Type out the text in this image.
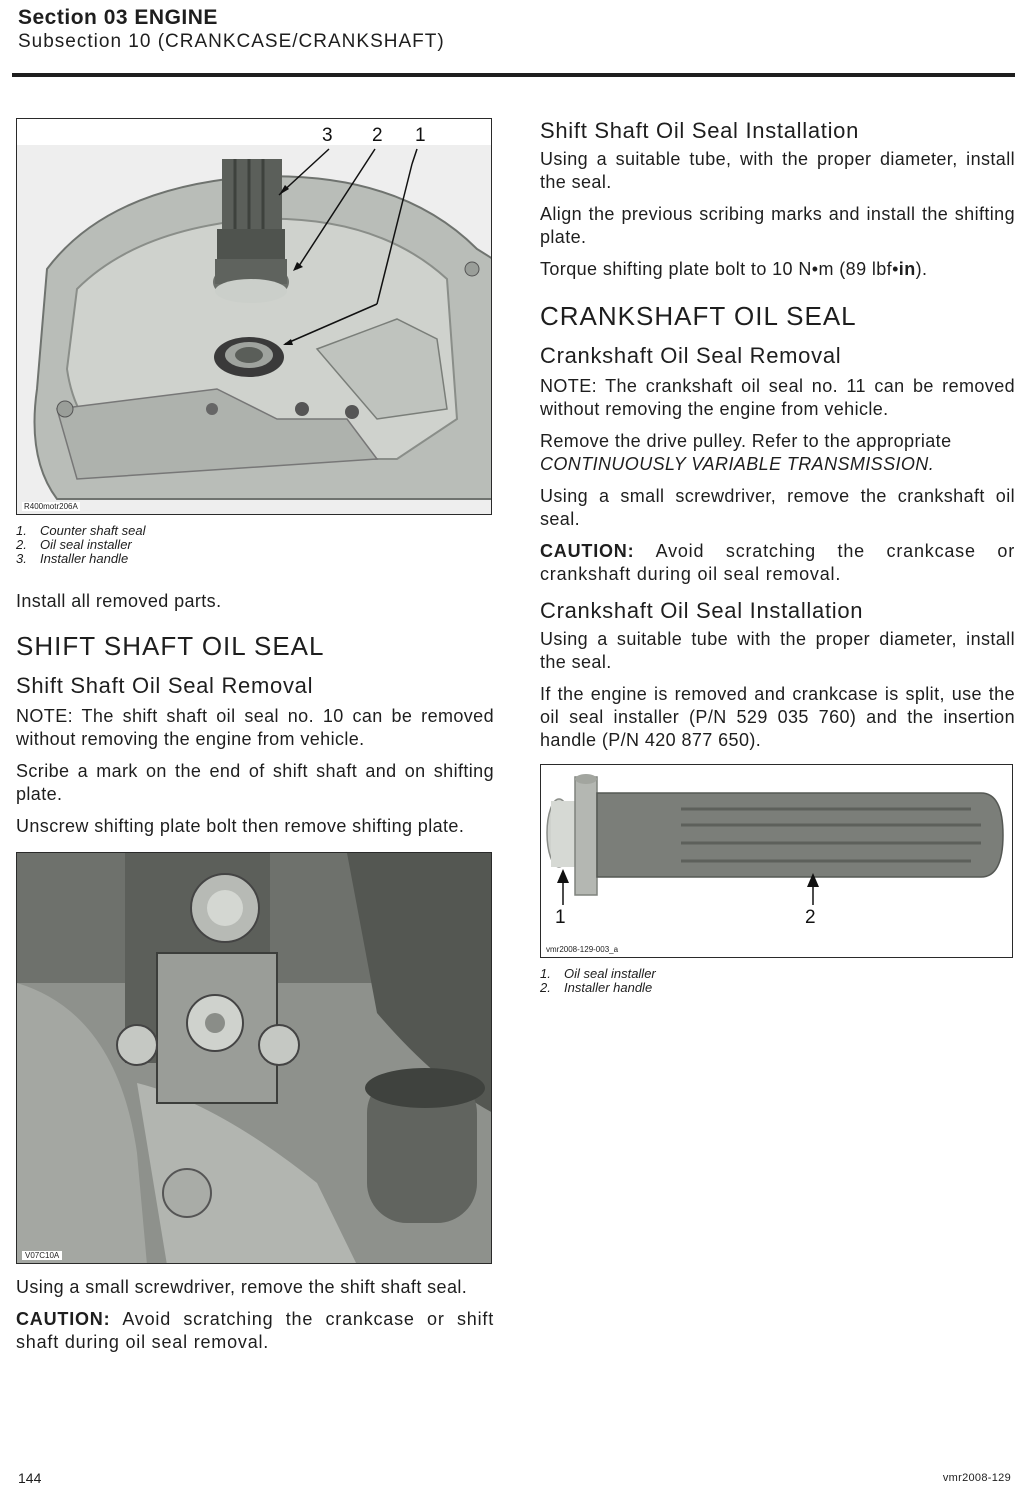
Section 03 ENGINE
Subsection 10 (CRANKCASE/CRANKSHAFT)
3 2 1
R400motr206A
1.	Counter shaft seal
2.	Oil seal installer
3.	Installer handle

Install all removed parts.

SHIFT SHAFT OIL SEAL
Shift Shaft Oil Seal Removal

NOTE: The shift shaft oil seal no. 10 can be removed without removing the engine from vehicle.

Scribe a mark on the end of shift shaft and on shifting plate.

Unscrew shifting plate bolt then remove shifting plate.

V07C10A

Using a small screwdriver, remove the shift shaft seal.

CAUTION: Avoid scratching the crankcase or shift shaft during oil seal removal.

Shift Shaft Oil Seal Installation

Using a suitable tube, with the proper diameter, install the seal.

Align the previous scribing marks and install the shifting plate.

Torque shifting plate bolt to 10 N•m (89 lbf•in).

CRANKSHAFT OIL SEAL
Crankshaft Oil Seal Removal

NOTE: The crankshaft oil seal no. 11 can be removed without removing the engine from vehicle.

Remove the drive pulley. Refer to the appropriate CONTINUOUSLY VARIABLE TRANSMISSION.

Using a small screwdriver, remove the crankshaft oil seal.

CAUTION: Avoid scratching the crankcase or crankshaft during oil seal removal.

Crankshaft Oil Seal Installation

Using a suitable tube with the proper diameter, install the seal.

If the engine is removed and crankcase is split, use the oil seal installer (P/N 529 035 760) and the insertion handle (P/N 420 877 650).

1	2
vmr2008-129-003_a
1.	Oil seal installer
2.	Installer handle
144	vmr2008-129
